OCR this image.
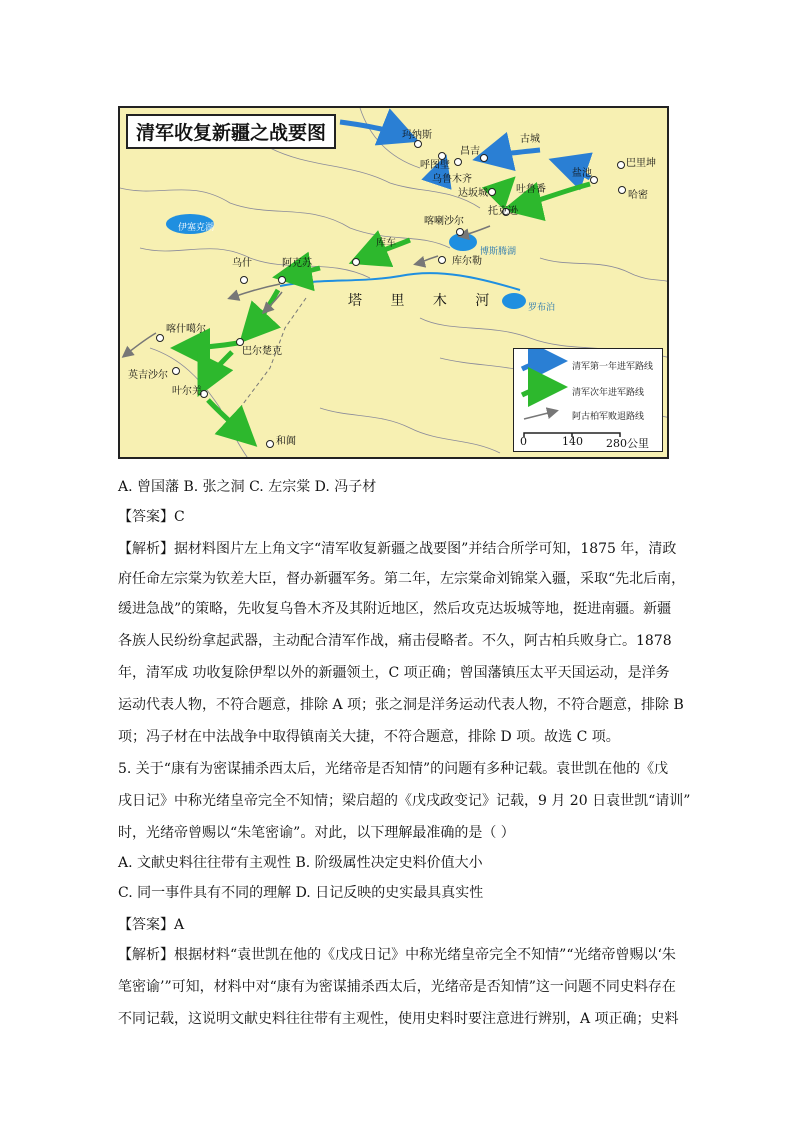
清军收复新疆之战要图	玛纳斯
昌吉
呼图壁
乌鲁木齐
古城
巴里坤
哈密
盐池
达坂城	吐鲁番
托克逊
喀喇沙尔
库尔勒
库车
阿克苏
乌什
喀什噶尔
巴尔楚克
英吉沙尔
叶尔羌
和阗
伊塞克湖
博斯腾湖
罗布泊
塔 里 木 河
清军第一年进军路线
清军次年进军路线
阿古柏军败退路线
0	140 280公里
A. 曾国藩 B. 张之洞 C. 左宗棠 D. 冯子材
【答案】C
【解析】据材料图片左上角文字“清军收复新疆之战要图”并结合所学可知，1875 年，清政
府任命左宗棠为钦差大臣，督办新疆军务。第二年，左宗棠命刘锦棠入疆，采取“先北后南，
缓进急战”的策略，先收复乌鲁木齐及其附近地区，然后攻克达坂城等地，挺进南疆。新疆
各族人民纷纷拿起武器，主动配合清军作战，痛击侵略者。不久，阿古柏兵败身亡。1878
年，清军成 功收复除伊犁以外的新疆领土，C 项正确；曾国藩镇压太平天国运动，是洋务
运动代表人物，不符合题意，排除 A 项；张之洞是洋务运动代表人物，不符合题意，排除 B
项；冯子材在中法战争中取得镇南关大捷，不符合题意，排除 D 项。故选 C 项。
5. 关于“康有为密谋捕杀西太后，光绪帝是否知情”的问题有多种记载。袁世凯在他的《戊
戌日记》中称光绪皇帝完全不知情；梁启超的《戊戌政变记》记载，9 月 20 日袁世凯“请训”
时，光绪帝曾赐以“朱笔密谕”。对此，以下理解最准确的是（ ）
A. 文献史料往往带有主观性 B. 阶级属性决定史料价值大小
C. 同一事件具有不同的理解 D. 日记反映的史实最具真实性
【答案】A
【解析】根据材料“袁世凯在他的《戊戌日记》中称光绪皇帝完全不知情”“光绪帝曾赐以‘朱
笔密谕’”可知，材料中对“康有为密谋捕杀西太后，光绪帝是否知情”这一问题不同史料存在
不同记载，这说明文献史料往往带有主观性，使用史料时要注意进行辨别，A 项正确；史料
